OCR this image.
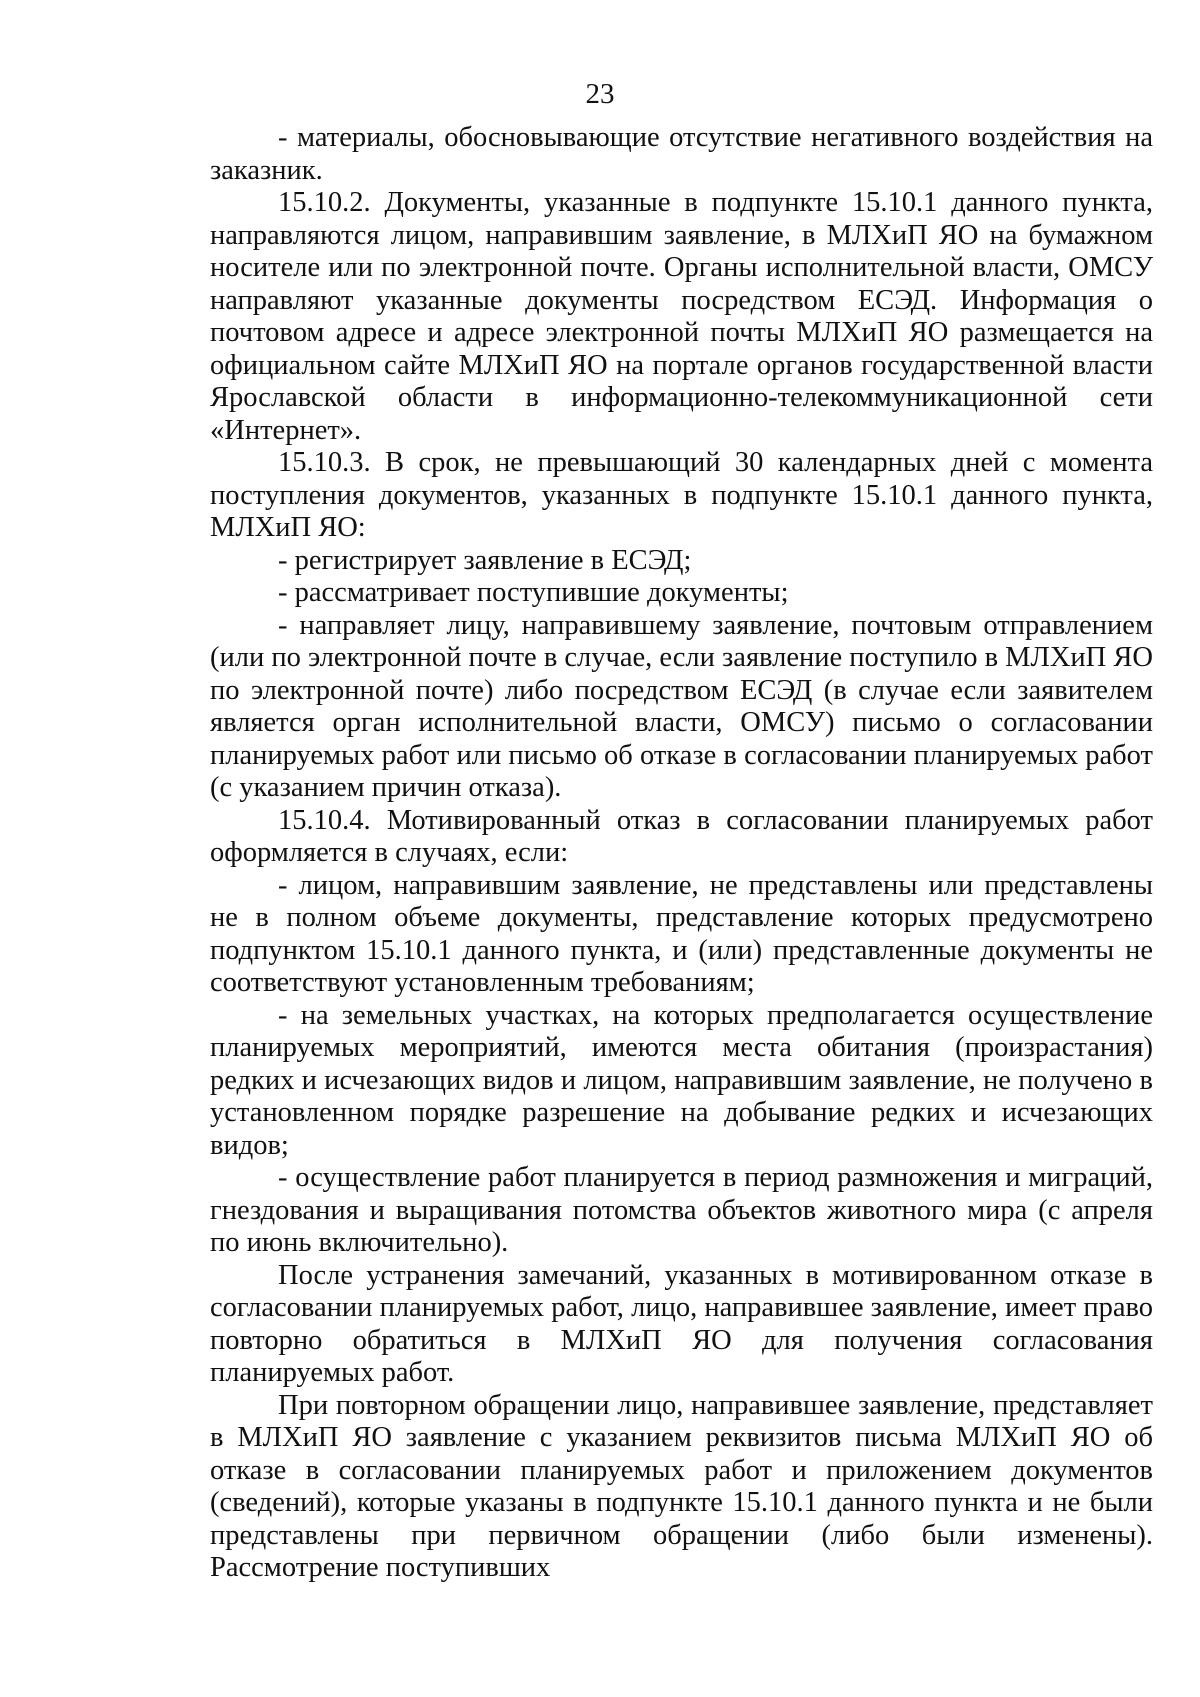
23

- материалы, обосновывающие отсутствие негативного воздействия на заказник.

15.10.2. Документы, указанные в подпункте 15.10.1 данного пункта, направляются лицом, направившим заявление, в МЛХиП ЯО на бумажном носителе или по электронной почте. Органы исполнительной власти, ОМСУ направляют указанные документы посредством ЕСЭД. Информация о почтовом адресе и адресе электронной почты МЛХиП ЯО размещается на официальном сайте МЛХиП ЯО на портале органов государственной власти Ярославской области в информационно-телекоммуникационной сети «Интернет».

15.10.3. В срок, не превышающий 30 календарных дней с момента поступления документов, указанных в подпункте 15.10.1 данного пункта, МЛХиП ЯО:

- регистрирует заявление в ЕСЭД;

- рассматривает поступившие документы;

- направляет лицу, направившему заявление, почтовым отправлением (или по электронной почте в случае, если заявление поступило в МЛХиП ЯО по электронной почте) либо посредством ЕСЭД (в случае если заявителем является орган исполнительной власти, ОМСУ) письмо о согласовании планируемых работ или письмо об отказе в согласовании планируемых работ (с указанием причин отказа).

15.10.4. Мотивированный отказ в согласовании планируемых работ оформляется в случаях, если:

- лицом, направившим заявление, не представлены или представлены не в полном объеме документы, представление которых предусмотрено подпунктом 15.10.1 данного пункта, и (или) представленные документы не соответствуют установленным требованиям;

- на земельных участках, на которых предполагается осуществление планируемых мероприятий, имеются места обитания (произрастания) редких и исчезающих видов и лицом, направившим заявление, не получено в установленном порядке разрешение на добывание редких и исчезающих видов;

- осуществление работ планируется в период размножения и миграций, гнездования и выращивания потомства объектов животного мира (с апреля по июнь включительно).

После устранения замечаний, указанных в мотивированном отказе в согласовании планируемых работ, лицо, направившее заявление, имеет право повторно обратиться в МЛХиП ЯО для получения согласования планируемых работ.

При повторном обращении лицо, направившее заявление, представляет в МЛХиП ЯО заявление с указанием реквизитов письма МЛХиП ЯО об отказе в согласовании планируемых работ и приложением документов (сведений), которые указаны в подпункте 15.10.1 данного пункта и не были представлены при первичном обращении (либо были изменены). Рассмотрение поступивших
